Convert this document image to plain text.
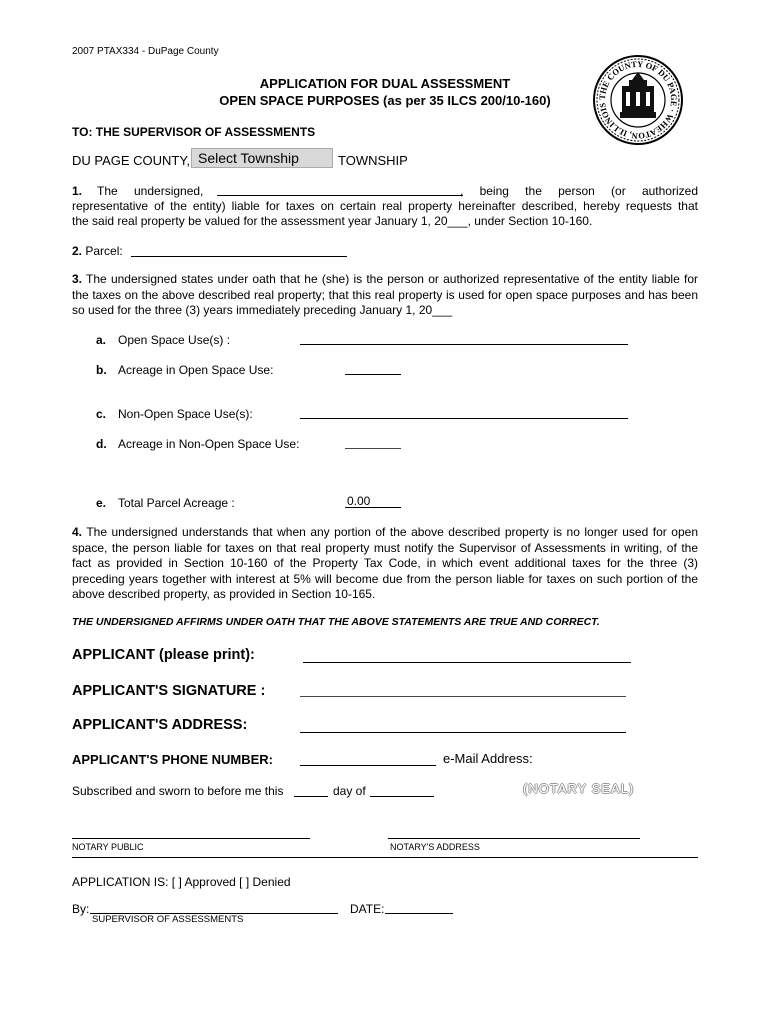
2007 PTAX334 - DuPage County
APPLICATION FOR DUAL ASSESSMENT
OPEN SPACE PURPOSES (as per 35 ILCS 200/10-160)	THE COUNTY OF DU PAGE · WHEATON, ILLINOIS
TO: THE SUPERVISOR OF ASSESSMENTS
DU PAGE COUNTY, Select Township	TOWNSHIP
1. The undersigned,	, being the person (or authorized
representative of the entity) liable for taxes on certain real property hereinafter described, hereby requests that
the said real property be valued for the assessment year January 1, 20___, under Section 10-160.
2. Parcel:
3. The undersigned states under oath that he (she) is the person or authorized representative of the entity liable for the taxes on the above described real property; that this real property is used for open space purposes and has been so used for the three (3) years immediately preceding January 1, 20___
a. Open Space Use(s) :
b. Acreage in Open Space Use:
c. Non-Open Space Use(s):
d. Acreage in Non-Open Space Use:
e. Total Parcel Acreage :	0.00
4. The undersigned understands that when any portion of the above described property is no longer used for open space, the person liable for taxes on that real property must notify the Supervisor of Assessments in writing, of the fact as provided in Section 10-160 of the Property Tax Code, in which event additional taxes for the three (3) preceding years together with interest at 5% will become due from the person liable for taxes on such portion of the above described property, as provided in Section 10-165.
THE UNDERSIGNED AFFIRMS UNDER OATH THAT THE ABOVE STATEMENTS ARE TRUE AND CORRECT.
APPLICANT (please print):
APPLICANT'S SIGNATURE :
APPLICANT'S ADDRESS:
APPLICANT'S PHONE NUMBER:	e-Mail Address:
Subscribed and sworn to before me this	day of	(NOTARY SEAL)
NOTARY PUBLIC	NOTARY'S ADDRESS
APPLICATION IS: [ ] Approved [ ] Denied
By:
SUPERVISOR OF ASSESSMENTS
DATE:
